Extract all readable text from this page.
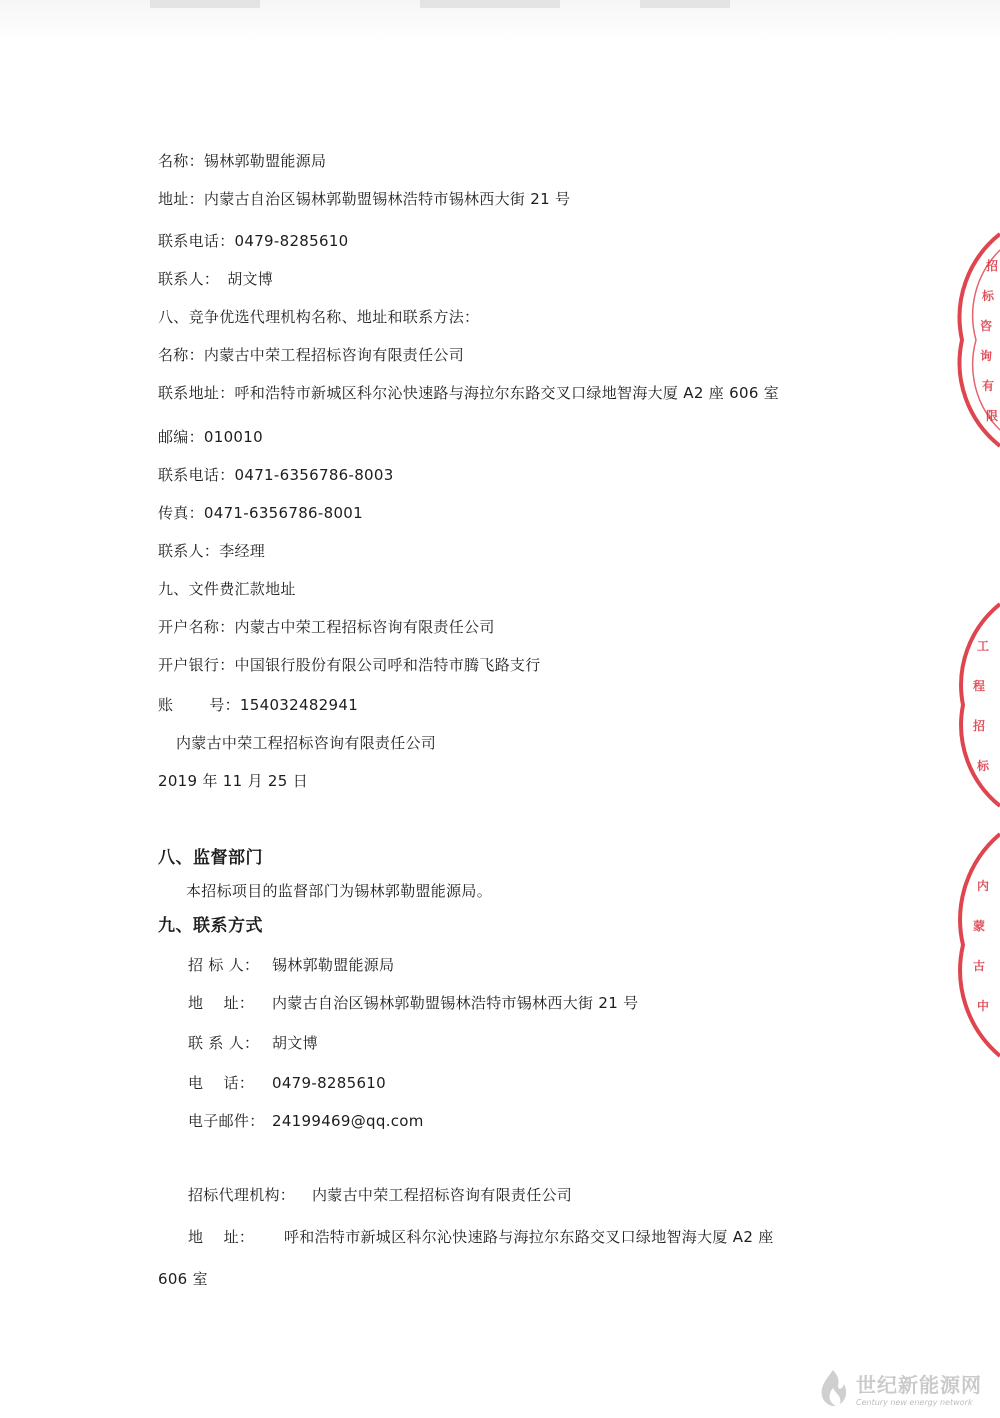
名称：锡林郭勒盟能源局
地址：内蒙古自治区锡林郭勒盟锡林浩特市锡林西大街 21 号
联系电话：0479-8285610
联系人： 胡文博
八、竞争优选代理机构名称、地址和联系方法：
名称：内蒙古中荣工程招标咨询有限责任公司
联系地址：呼和浩特市新城区科尔沁快速路与海拉尔东路交叉口绿地智海大厦 A2 座 606 室
邮编：010010
联系电话：0471-6356786-8003
传真：0471-6356786-8001
联系人：李经理
九、文件费汇款地址
开户名称：内蒙古中荣工程招标咨询有限责任公司
开户银行：中国银行股份有限公司呼和浩特市腾飞路支行
账 号：154032482941
内蒙古中荣工程招标咨询有限责任公司
2019 年 11 月 25 日
八、监督部门
本招标项目的监督部门为锡林郭勒盟能源局。
九、联系方式
招 标 人： 锡林郭勒盟能源局
地    址： 内蒙古自治区锡林郭勒盟锡林浩特市锡林西大街 21 号
联 系 人： 胡文博
电    话： 0479-8285610
电子邮件： 24199469@qq.com
招标代理机构： 内蒙古中荣工程招标咨询有限责任公司
地    址： 呼和浩特市新城区科尔沁快速路与海拉尔东路交叉口绿地智海大厦 A2 座
606 室
招
标
咨
询
有
限
工
程
招
标
内
蒙
古
中
世纪新能源网
Century new energy network
